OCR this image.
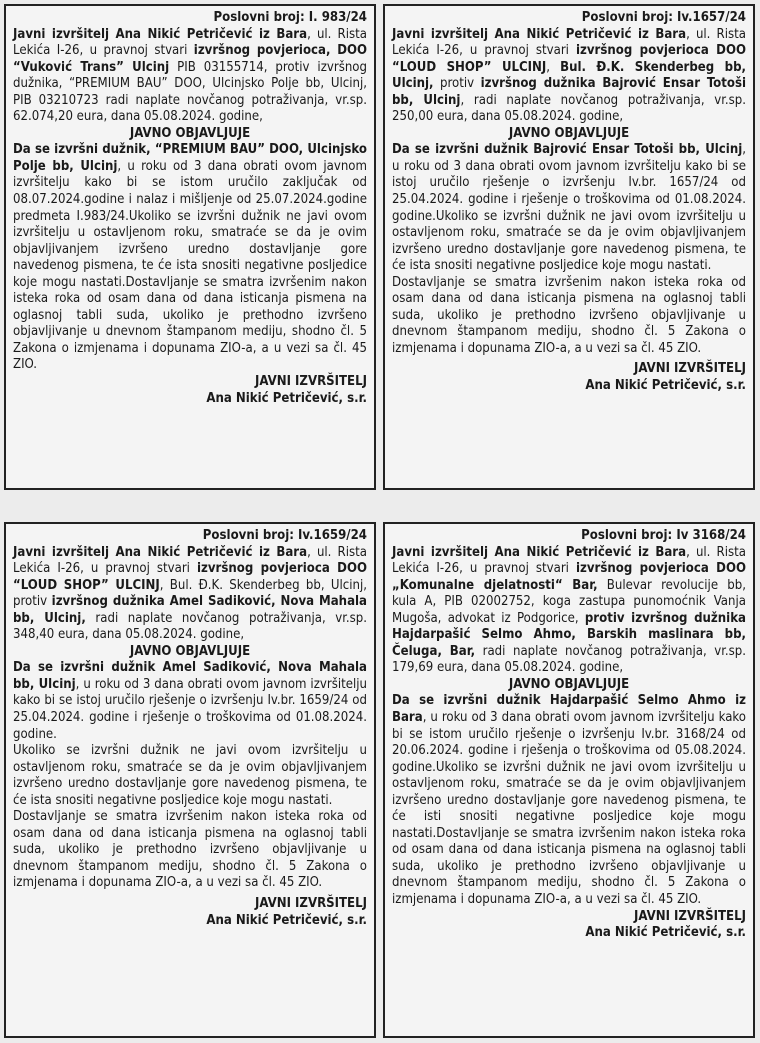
Poslovni broj: I. 983/24

Javni izvršitelj Ana Nikić Petričević iz Bara, ul. Rista Lekića I-26, u pravnoj stvari izvršnog povjerioca, DOO “Vuković Trans” Ulcinj PIB 03155714, protiv izvršnog dužnika, “PREMIUM BAU” DOO, Ulcinjsko Polje bb, Ulcinj, PIB 03210723 radi naplate novčanog potraživanja, vr.sp. 62.074,20 eura, dana 05.08.2024. godine,

JAVNO OBJAVLJUJE

Da se izvršni dužnik, “PREMIUM BAU” DOO, Ulcinjsko Polje bb, Ulcinj, u roku od 3 dana obrati ovom javnom izvršitelju kako bi se istom uručilo zaključak od 08.07.2024.godine i nalaz i mišljenje od 25.07.2024.godine predmeta I.983/24.Ukoliko se izvršni dužnik ne javi ovom izvršitelju u ostavljenom roku, smatraće se da je ovim objavljivanjem izvršeno uredno dostavljanje gore navedenog pismena, te će ista snositi negativne posljedice koje mogu nastati.Dostavljanje se smatra izvršenim nakon isteka roka od osam dana od dana isticanja pismena na oglasnoj tabli suda, ukoliko je prethodno izvršeno objavljivanje u dnevnom štampanom mediju, shodno čl. 5 Zakona o izmjenama i dopunama ZIO-a, a u vezi sa čl. 45 ZIO.

JAVNI IZVRŠITELJ

Ana Nikić Petričević, s.r.

Poslovni broj: Iv.1657/24

Javni izvršitelj Ana Nikić Petričević iz Bara, ul. Rista Lekića I-26, u pravnoj stvari izvršnog povjerioca DOO “LOUD SHOP” ULCINJ, Bul. Đ.K. Skenderbeg bb, Ulcinj, protiv izvršnog dužnika Bajrović Ensar Totoši bb, Ulcinj, radi naplate novčanog potraživanja, vr.sp. 250,00 eura, dana 05.08.2024. godine,

JAVNO OBJAVLJUJE

Da se izvršni dužnik Bajrović Ensar Totoši bb, Ulcinj, u roku od 3 dana obrati ovom javnom izvršitelju kako bi se istoj uručilo rješenje o izvršenju Iv.br. 1657/24 od 25.04.2024. godine i rješenje o troškovima od 01.08.2024. godine.Ukoliko se izvršni dužnik ne javi ovom izvršitelju u ostavljenom roku, smatraće se da je ovim objavljivanjem izvršeno uredno dostavljanje gore navedenog pismena, te će ista snositi negativne posljedice koje mogu nastati.

Dostavljanje se smatra izvršenim nakon isteka roka od osam dana od dana isticanja pismena na oglasnoj tabli suda, ukoliko je prethodno izvršeno objavljivanje u dnevnom štampanom mediju, shodno čl. 5 Zakona o izmjenama i dopunama ZIO-a, a u vezi sa čl. 45 ZIO.

JAVNI IZVRŠITELJ

Ana Nikić Petričević, s.r.

Poslovni broj: Iv.1659/24

Javni izvršitelj Ana Nikić Petričević iz Bara, ul. Rista Lekića I-26, u pravnoj stvari izvršnog povjerioca DOO “LOUD SHOP” ULCINJ, Bul. Đ.K. Skenderbeg bb, Ulcinj, protiv izvršnog dužnika Amel Sadiković, Nova Mahala bb, Ulcinj, radi naplate novčanog potraživanja, vr.sp. 348,40 eura, dana 05.08.2024. godine,

JAVNO OBJAVLJUJE

Da se izvršni dužnik Amel Sadiković, Nova Mahala bb, Ulcinj, u roku od 3 dana obrati ovom javnom izvršitelju kako bi se istoj uručilo rješenje o izvršenju Iv.br. 1659/24 od 25.04.2024. godine i rješenje o troškovima od 01.08.2024. godine.

Ukoliko se izvršni dužnik ne javi ovom izvršitelju u ostavljenom roku, smatraće se da je ovim objavljivanjem izvršeno uredno dostavljanje gore navedenog pismena, te će ista snositi negativne posljedice koje mogu nastati.

Dostavljanje se smatra izvršenim nakon isteka roka od osam dana od dana isticanja pismena na oglasnoj tabli suda, ukoliko je prethodno izvršeno objavljivanje u dnevnom štampanom mediju, shodno čl. 5 Zakona o izmjenama i dopunama ZIO-a, a u vezi sa čl. 45 ZIO.

JAVNI IZVRŠITELJ

Ana Nikić Petričević, s.r.

Poslovni broj: Iv 3168/24

Javni izvršitelj Ana Nikić Petričević iz Bara, ul. Rista Lekića I-26, u pravnoj stvari izvršnog povjerioca DOO „Komunalne djelatnosti“ Bar, Bulevar revolucije bb, kula A, PIB 02002752, koga zastupa punomoćnik Vanja Mugoša, advokat iz Podgorice, protiv izvršnog dužnika Hajdarpašić Selmo Ahmo, Barskih maslinara bb, Čeluga, Bar, radi naplate novčanog potraživanja, vr.sp. 179,69 eura, dana 05.08.2024. godine,

JAVNO OBJAVLJUJE

Da se izvršni dužnik Hajdarpašić Selmo Ahmo iz Bara, u roku od 3 dana obrati ovom javnom izvršitelju kako bi se istom uručilo rješenje o izvršenju Iv.br. 3168/24 od 20.06.2024. godine i rješenja o troškovima od 05.08.2024. godine.Ukoliko se izvršni dužnik ne javi ovom izvršitelju u ostavljenom roku, smatraće se da je ovim objavljivanjem izvršeno uredno dostavljanje gore navedenog pismena, te će isti snositi negativne posljedice koje mogu nastati.Dostavljanje se smatra izvršenim nakon isteka roka od osam dana od dana isticanja pismena na oglasnoj tabli suda, ukoliko je prethodno izvršeno objavljivanje u dnevnom štampanom mediju, shodno čl. 5 Zakona o izmjenama i dopunama ZIO-a, a u vezi sa čl. 45 ZIO.

JAVNI IZVRŠITELJ

Ana Nikić Petričević, s.r.
